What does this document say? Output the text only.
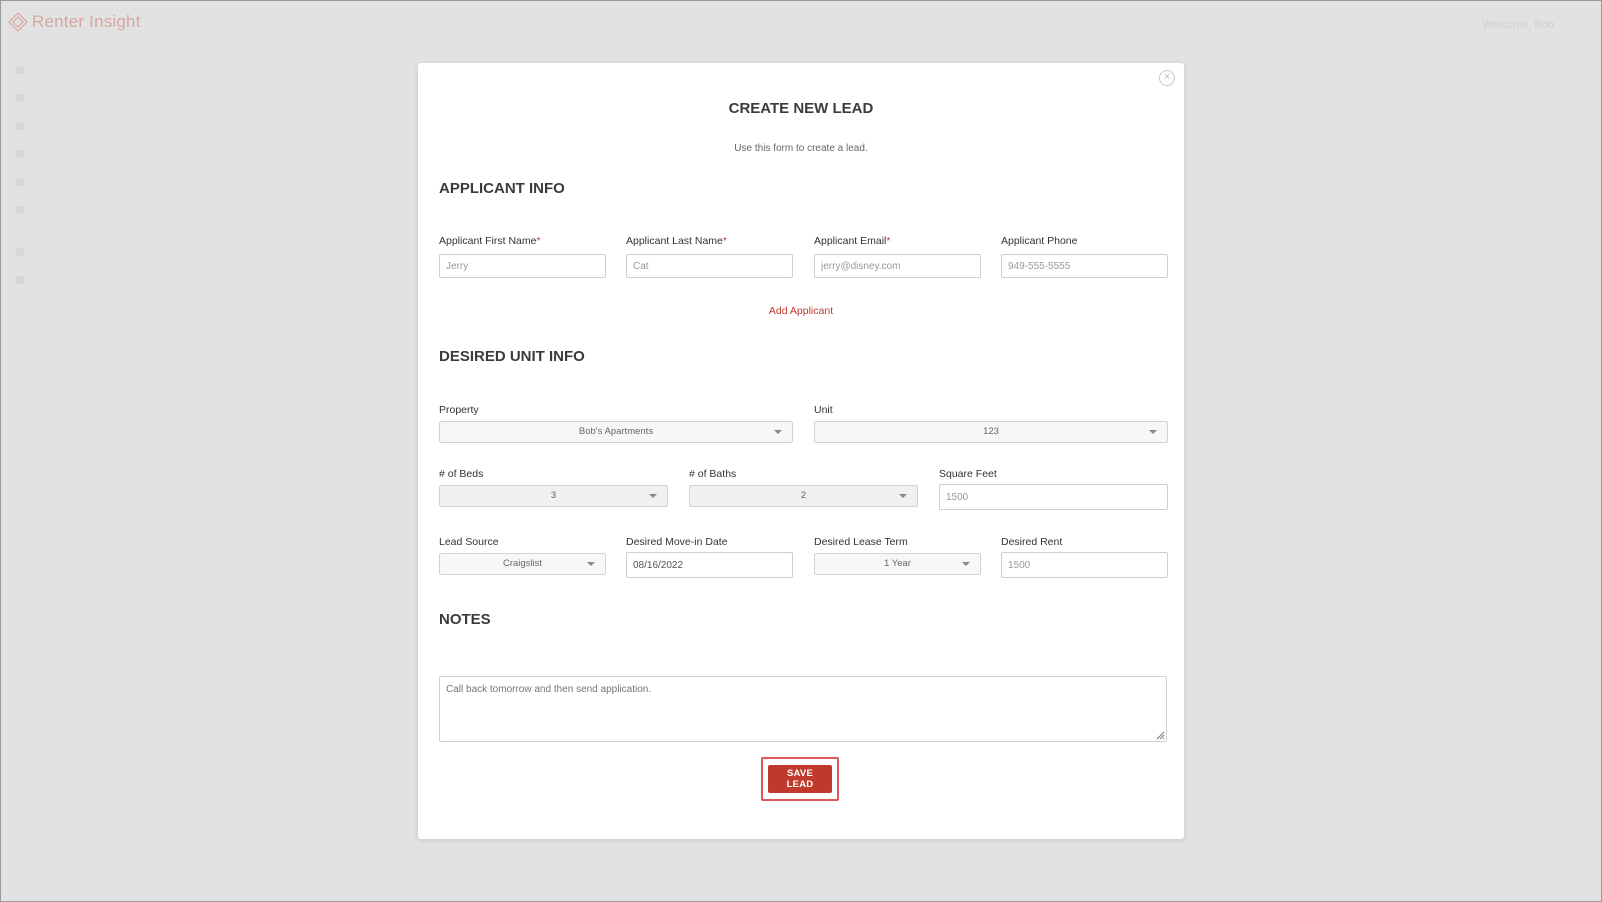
Renter Insight	Welcome, Bob
×
CREATE NEW LEAD
Use this form to create a lead.
APPLICANT INFO
Applicant First Name*
Jerry	Applicant Last Name*
Cat	Applicant Email*
jerry@disney.com	Applicant Phone
949-555-5555
Add Applicant
DESIRED UNIT INFO
Property
Bob's Apartments
Unit
123
# of Beds
3
# of Baths
2
Square Feet
1500
Lead Source
Craigslist
Desired Move-in Date
08/16/2022	Desired Lease Term
1 Year
Desired Rent
1500
NOTES
Call back tomorrow and then send application.
SAVE LEAD
